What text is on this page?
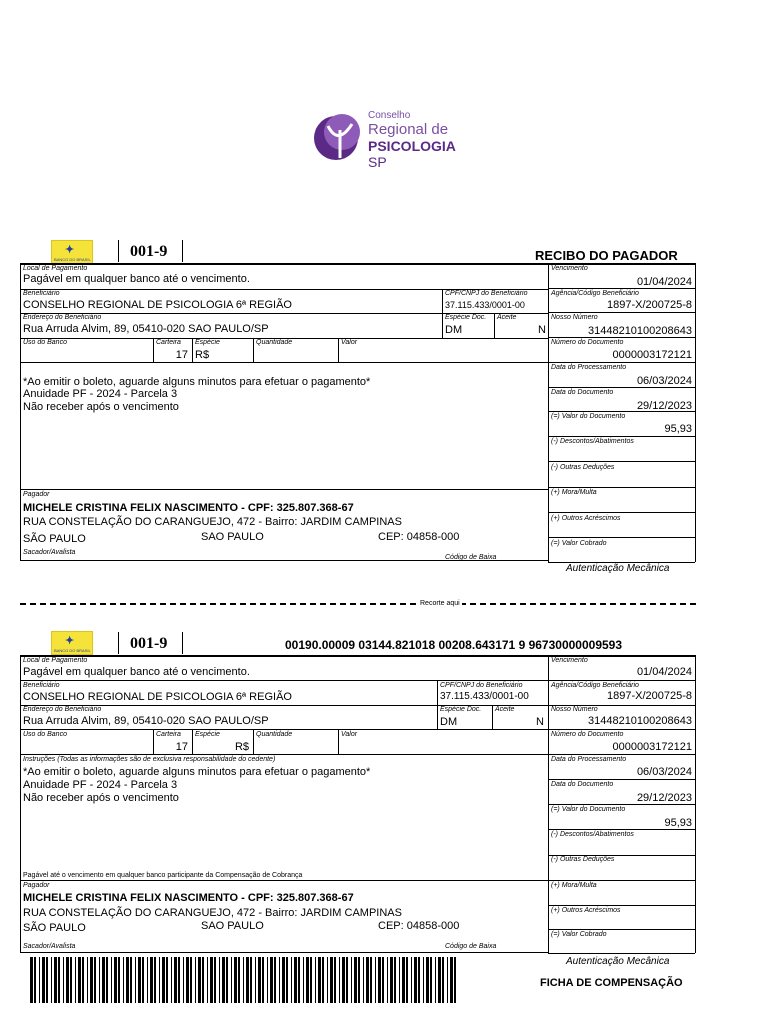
Conselho
Regional de
PSICOLOGIA SP
✦
BANCO DO BRASIL 001-9	RECIBO DO PAGADOR
Local de Pagamento
Pagável em qualquer banco até o vencimento.
Beneficiário
CONSELHO REGIONAL DE PSICOLOGIA 6ª REGIÃO
CPF/CNPJ do Beneficiário
37.115.433/0001-00
Endereço do Beneficiário
Rua Arruda Alvim, 89, 05410-020 SAO PAULO/SP
Espécie Doc.
DM
Aceite
N
Uso do Banco	Carteira
17
Espécie
R$
Quantidade	Valor
*Ao emitir o boleto, aguarde alguns minutos para efetuar o pagamento*
Anuidade PF - 2024 - Parcela 3
Não receber após o vencimento
Pagador
MICHELE CRISTINA FELIX NASCIMENTO - CPF: 325.807.368-67
RUA CONSTELAÇÃO DO CARANGUEJO, 472 - Bairro: JARDIM CAMPINAS
SÃO PAULO	SAO PAULO	CEP: 04858-000
Sacador/Avalista
Código de Baixa
Vencimento
01/04/2024
Agência/Código Beneficiário
1897-X/200725-8
Nosso Número
31448210100208643
Número do Documento
0000003172121
Data do Processamento
06/03/2024
Data do Documento
29/12/2023
(=) Valor do Documento
95,93
(-) Descontos/Abatimentos
(-) Outras Deduções
(+) Mora/Multa
(+) Outros Acréscimos
(=) Valor Cobrado
Autenticação Mecânica
Recorte aqui
✦
BANCO DO BRASIL 001-9	00190.00009 03144.821018 00208.643171 9 96730000009593
Local de Pagamento
Pagável em qualquer banco até o vencimento.
Beneficiário
CONSELHO REGIONAL DE PSICOLOGIA 6ª REGIÃO
CPF/CNPJ do Beneficiário
37.115.433/0001-00
Endereço do Beneficiário
Rua Arruda Alvim, 89, 05410-020 SAO PAULO/SP
Espécie Doc.
DM
Aceite
N
Uso do Banco	Carteira
17
Espécie
R$
Quantidade	Valor
Instruções (Todas as informações são de exclusiva responsabilidade do cedente)
*Ao emitir o boleto, aguarde alguns minutos para efetuar o pagamento*
Anuidade PF - 2024 - Parcela 3
Não receber após o vencimento
Pagável até o vencimento em qualquer banco participante da Compensação de Cobrança
Pagador
MICHELE CRISTINA FELIX NASCIMENTO - CPF: 325.807.368-67
RUA CONSTELAÇÃO DO CARANGUEJO, 472 - Bairro: JARDIM CAMPINAS
SÃO PAULO	SAO PAULO	CEP: 04858-000
Sacador/Avalista	Código de Baixa
Vencimento
01/04/2024
Agência/Código Beneficiário
1897-X/200725-8
Nosso Número
31448210100208643
Número do Documento
0000003172121
Data do Processamento
06/03/2024
Data do Documento
29/12/2023
(=) Valor do Documento
95,93
(-) Descontos/Abatimentos
(-) Outras Deduções
(+) Mora/Multa
(+) Outros Acréscimos
(=) Valor Cobrado
Autenticação Mecânica
FICHA DE COMPENSAÇÃO
